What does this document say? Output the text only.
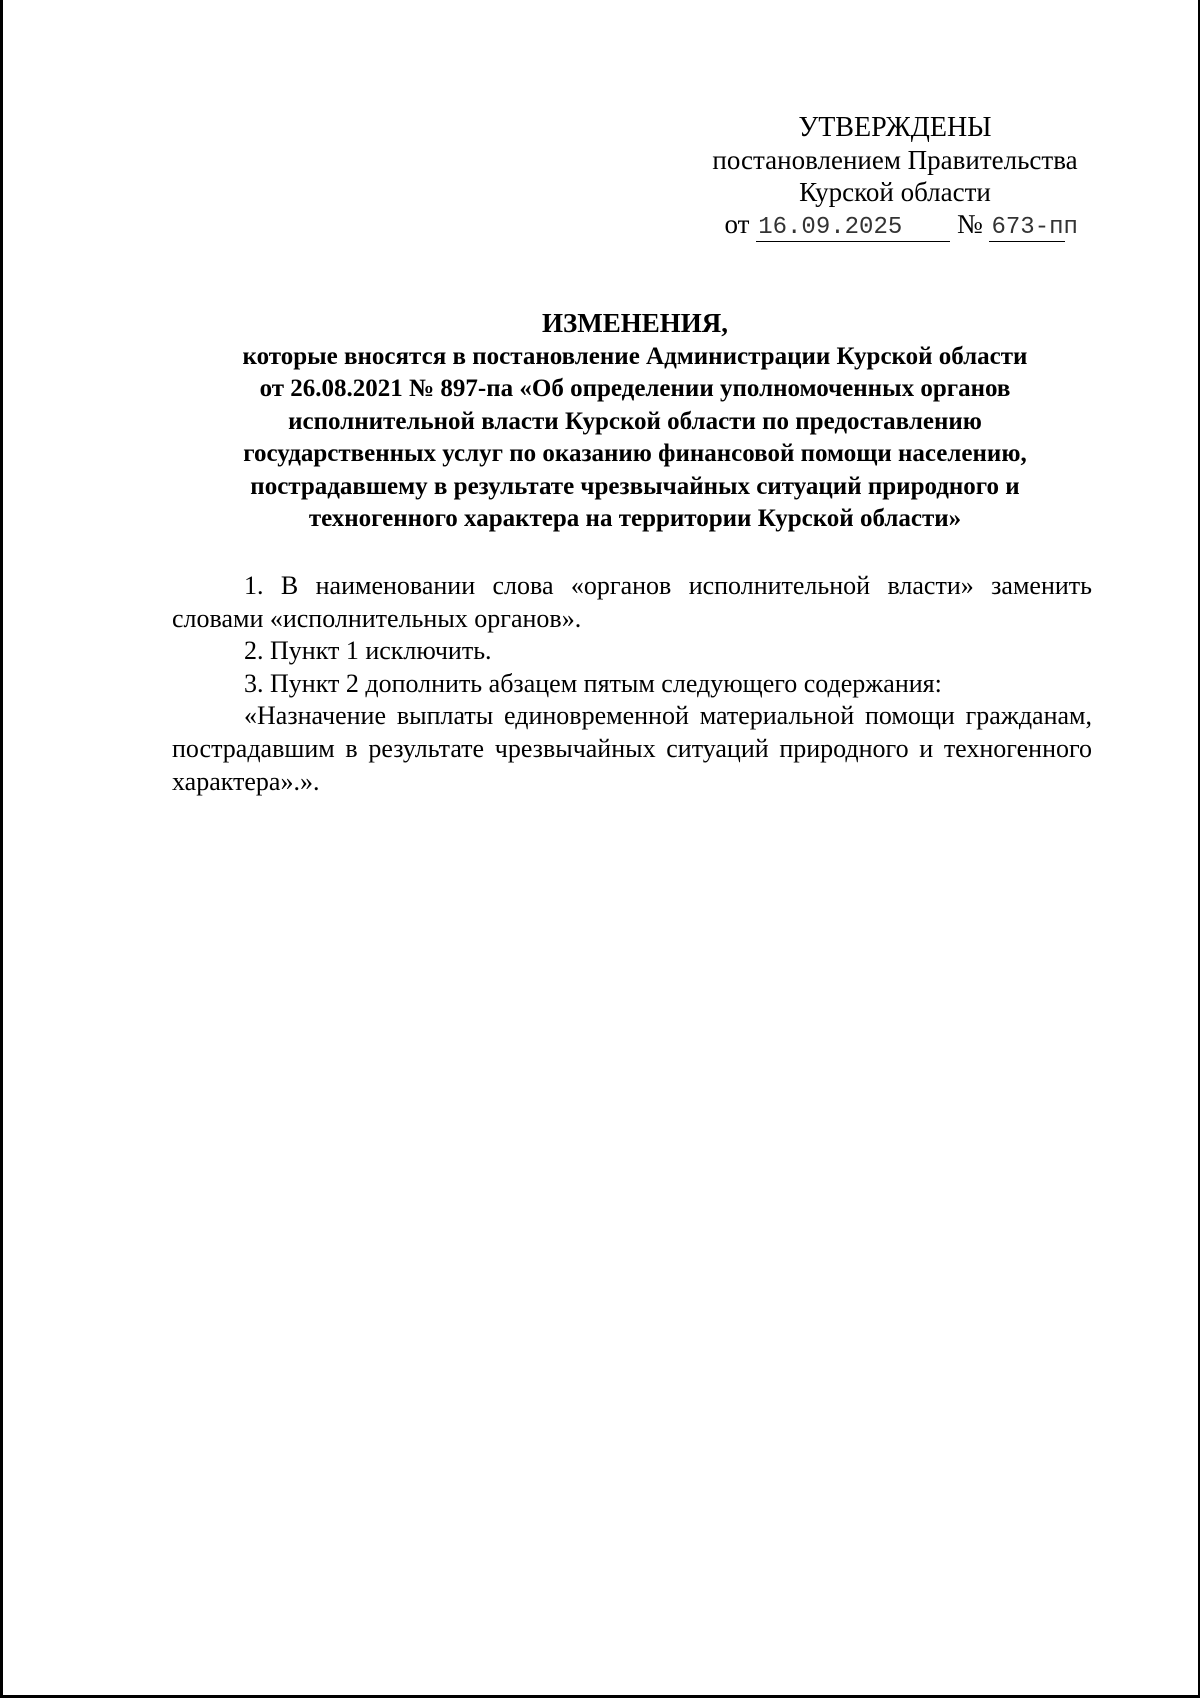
УТВЕРЖДЕНЫ
постановлением Правительства
Курской области
от 16.09.2025 № 673-пп
ИЗМЕНЕНИЯ,
которые вносятся в постановление Администрации Курской области
от 26.08.2021 № 897-па «Об определении уполномоченных органов
исполнительной власти Курской области по предоставлению
государственных услуг по оказанию финансовой помощи населению,
пострадавшему в результате чрезвычайных ситуаций природного и
техногенного характера на территории Курской области»

1. В наименовании слова «органов исполнительной власти» заменить словами «исполнительных органов».

2. Пункт 1 исключить.

3. Пункт 2 дополнить абзацем пятым следующего содержания:

«Назначение выплаты единовременной материальной помощи гражданам, пострадавшим в результате чрезвычайных ситуаций природного и техногенного характера».».
